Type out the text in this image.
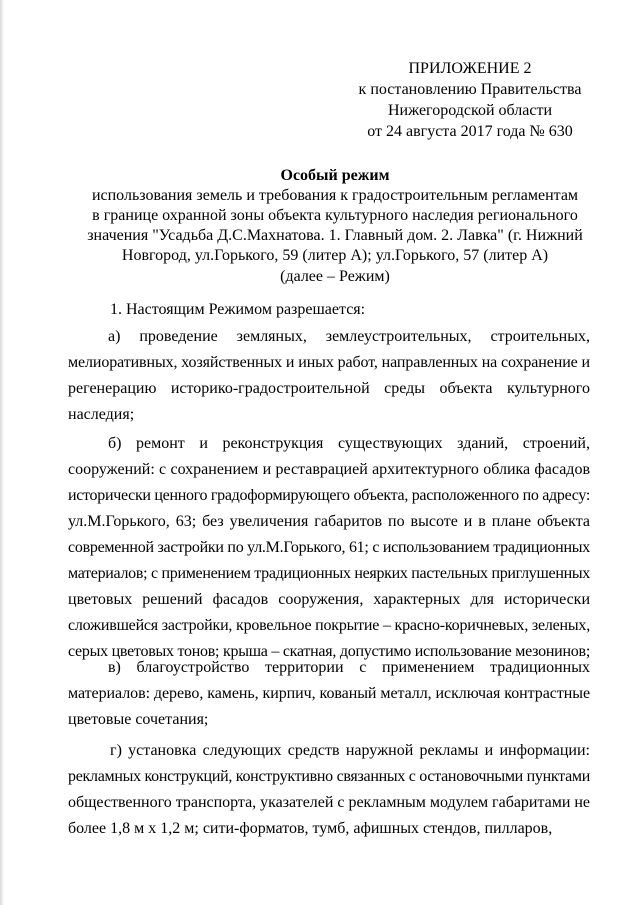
ПРИЛОЖЕНИЕ 2
к постановлению Правительства
Нижегородской области
от 24 августа 2017 года № 630
Особый режим
использования земель и требования к градостроительным регламентам
в границе охранной зоны объекта культурного наследия регионального
значения "Усадьба Д.С.Махнатова. 1. Главный дом. 2. Лавка" (г. Нижний
Новгород, ул.Горького, 59 (литер А); ул.Горького, 57 (литер А)
(далее – Режим)
1. Настоящим Режимом разрешается:
а) проведение земляных, землеустроительных, строительных,
мелиоративных, хозяйственных и иных работ, направленных на сохранение и
регенерацию историко-градостроительной среды объекта культурного
наследия;
б) ремонт и реконструкция существующих зданий, строений,
сооружений: с сохранением и реставрацией архитектурного облика фасадов
исторически ценного градоформирующего объекта, расположенного по адресу:
ул.М.Горького, 63; без увеличения габаритов по высоте и в плане объекта
современной застройки по ул.М.Горького, 61; с использованием традиционных
материалов; с применением традиционных неярких пастельных приглушенных
цветовых решений фасадов сооружения, характерных для исторически
сложившейся застройки, кровельное покрытие – красно-коричневых, зеленых,
серых цветовых тонов; крыша – скатная, допустимо использование мезонинов;
в) благоустройство территории с применением традиционных
материалов: дерево, камень, кирпич, кованый металл, исключая контрастные
цветовые сочетания;
г) установка следующих средств наружной рекламы и информации:
рекламных конструкций, конструктивно связанных с остановочными пунктами
общественного транспорта, указателей с рекламным модулем габаритами не
более 1,8 м х 1,2 м; сити-форматов, тумб, афишных стендов, пилларов,
